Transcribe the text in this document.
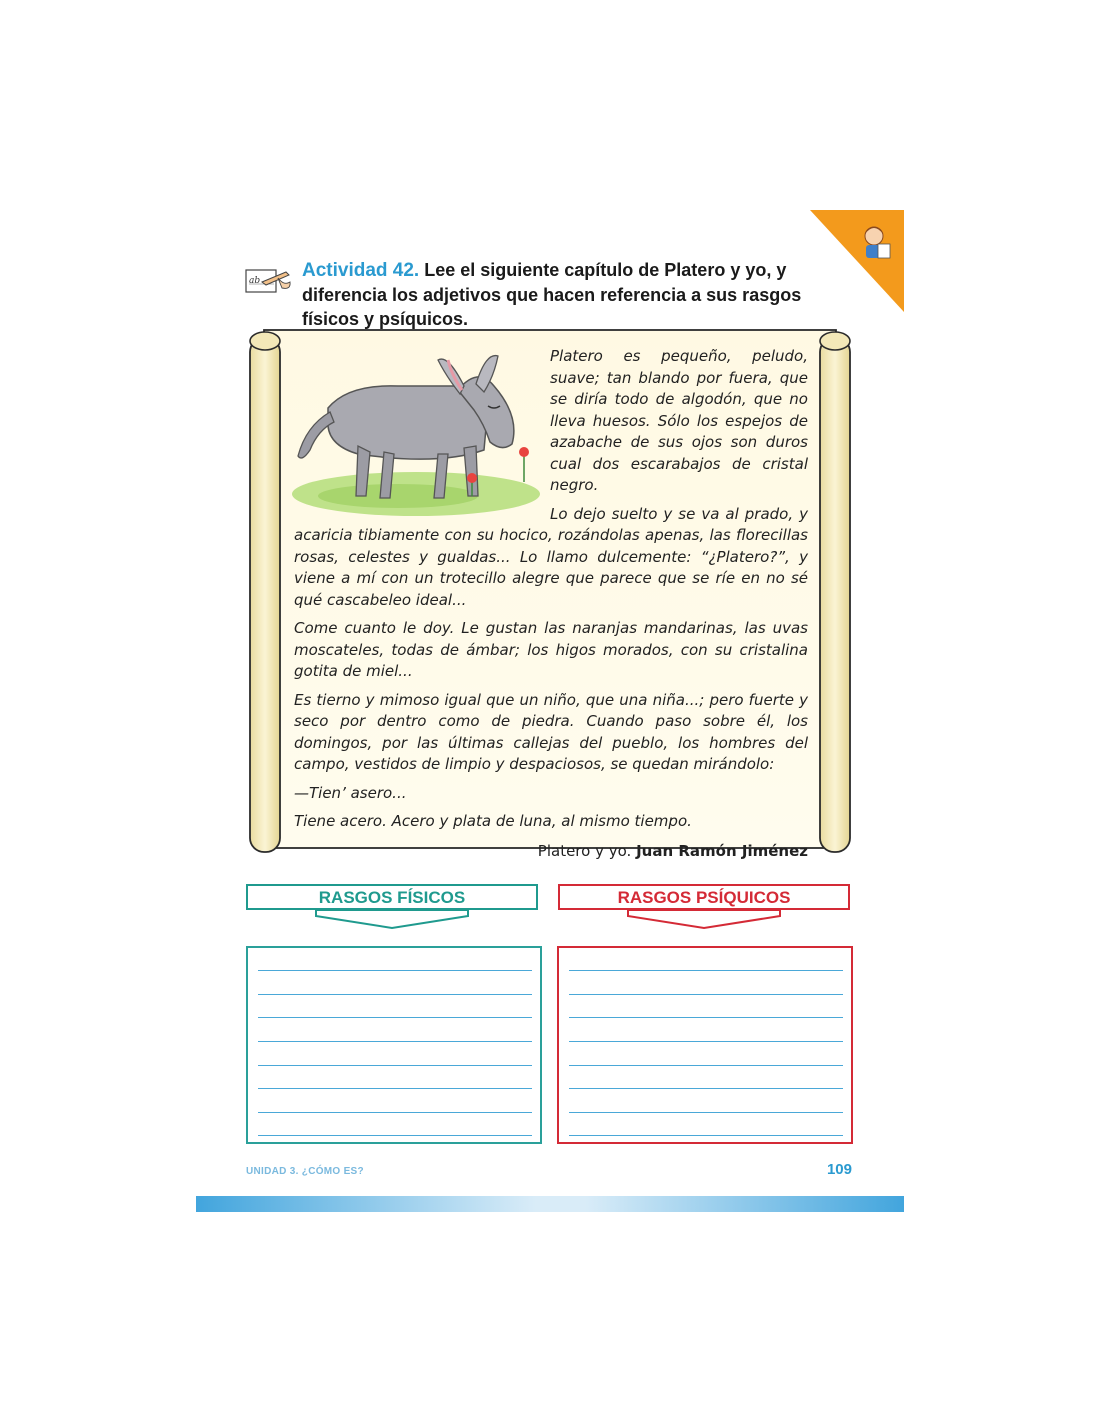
ab Actividad 42. Lee el siguiente capítulo de Platero y yo, y diferencia los adjetivos que hacen referencia a sus rasgos físicos y psíquicos.

Platero es pequeño, peludo, suave; tan blando por fuera, que se diría todo de algodón, que no lleva huesos. Sólo los espejos de azabache de sus ojos son duros cual dos escarabajos de cristal negro.

Lo dejo suelto y se va al prado, y acaricia tibiamente con su hocico, rozándolas apenas, las florecillas rosas, celestes y gualdas... Lo llamo dulcemente: “¿Platero?”, y viene a mí con un trotecillo alegre que parece que se ríe en no sé qué cascabeleo ideal...

Come cuanto le doy. Le gustan las naranjas mandarinas, las uvas moscateles, todas de ámbar; los higos morados, con su cristalina gotita de miel...

Es tierno y mimoso igual que un niño, que una niña...; pero fuerte y seco por dentro como de piedra. Cuando paso sobre él, los domingos, por las últimas callejas del pueblo, los hombres del campo, vestidos de limpio y despaciosos, se quedan mirándolo:

—Tien’ asero...

Tiene acero. Acero y plata de luna, al mismo tiempo.

Platero y yo. Juan Ramón Jiménez

RASGOS FÍSICOS	RASGOS PSÍQUICOS
UNIDAD 3. ¿CÓMO ES?	109
